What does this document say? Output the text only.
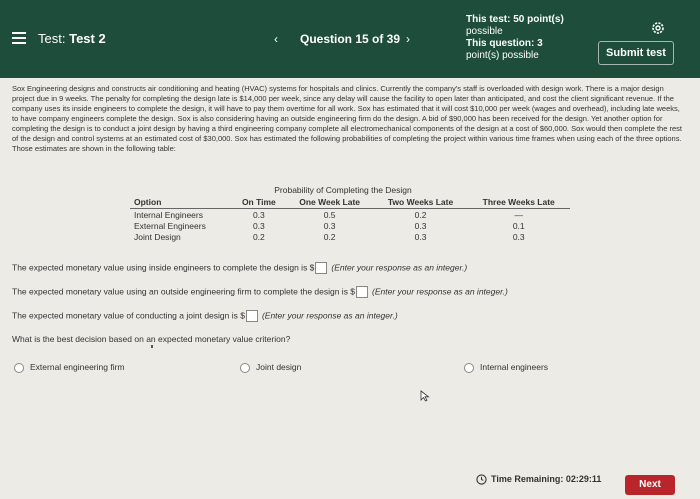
Test: Test 2	‹ Question 15 of 39 ›
This test: 50 point(s)
possible
This question: 3
point(s) possible	Submit test
Sox Engineering designs and constructs air conditioning and heating (HVAC) systems for hospitals and clinics. Currently the company's staff is overloaded with design work. There is a major design project due in 9 weeks. The penalty for completing the design late is $14,000 per week, since any delay will cause the facility to open later than anticipated, and cost the client significant revenue. If the company uses its inside engineers to complete the design, it will have to pay them overtime for all work. Sox has estimated that it will cost $10,000 per week (wages and overhead), including late weeks, to have company engineers complete the design. Sox is also considering having an outside engineering firm do the design. A bid of $90,000 has been received for the design. Yet another option for completing the design is to conduct a joint design by having a third engineering company complete all electromechanical components of the design at a cost of $60,000. Sox would then complete the rest of the design and control systems at an estimated cost of $30,000. Sox has estimated the following probabilities of completing the project within various time frames when using each of the three options. Those estimates are shown in the following table:
Probability of Completing the Design
Option	On Time	One Week Late	Two Weeks Late	Three Weeks Late
Internal Engineers	0.3	0.5	0.2	—
External Engineers	0.3	0.3	0.3	0.1
Joint Design	0.2	0.2	0.3	0.3
The expected monetary value using inside engineers to complete the design is $ (Enter your response as an integer.)
The expected monetary value using an outside engineering firm to complete the design is $ (Enter your response as an integer.)
The expected monetary value of conducting a joint design is $ (Enter your response as an integer.)
What is the best decision based on an expected monetary value criterion?
External engineering firm	Joint design	Internal engineers
Time Remaining: 02:29:11	Next
